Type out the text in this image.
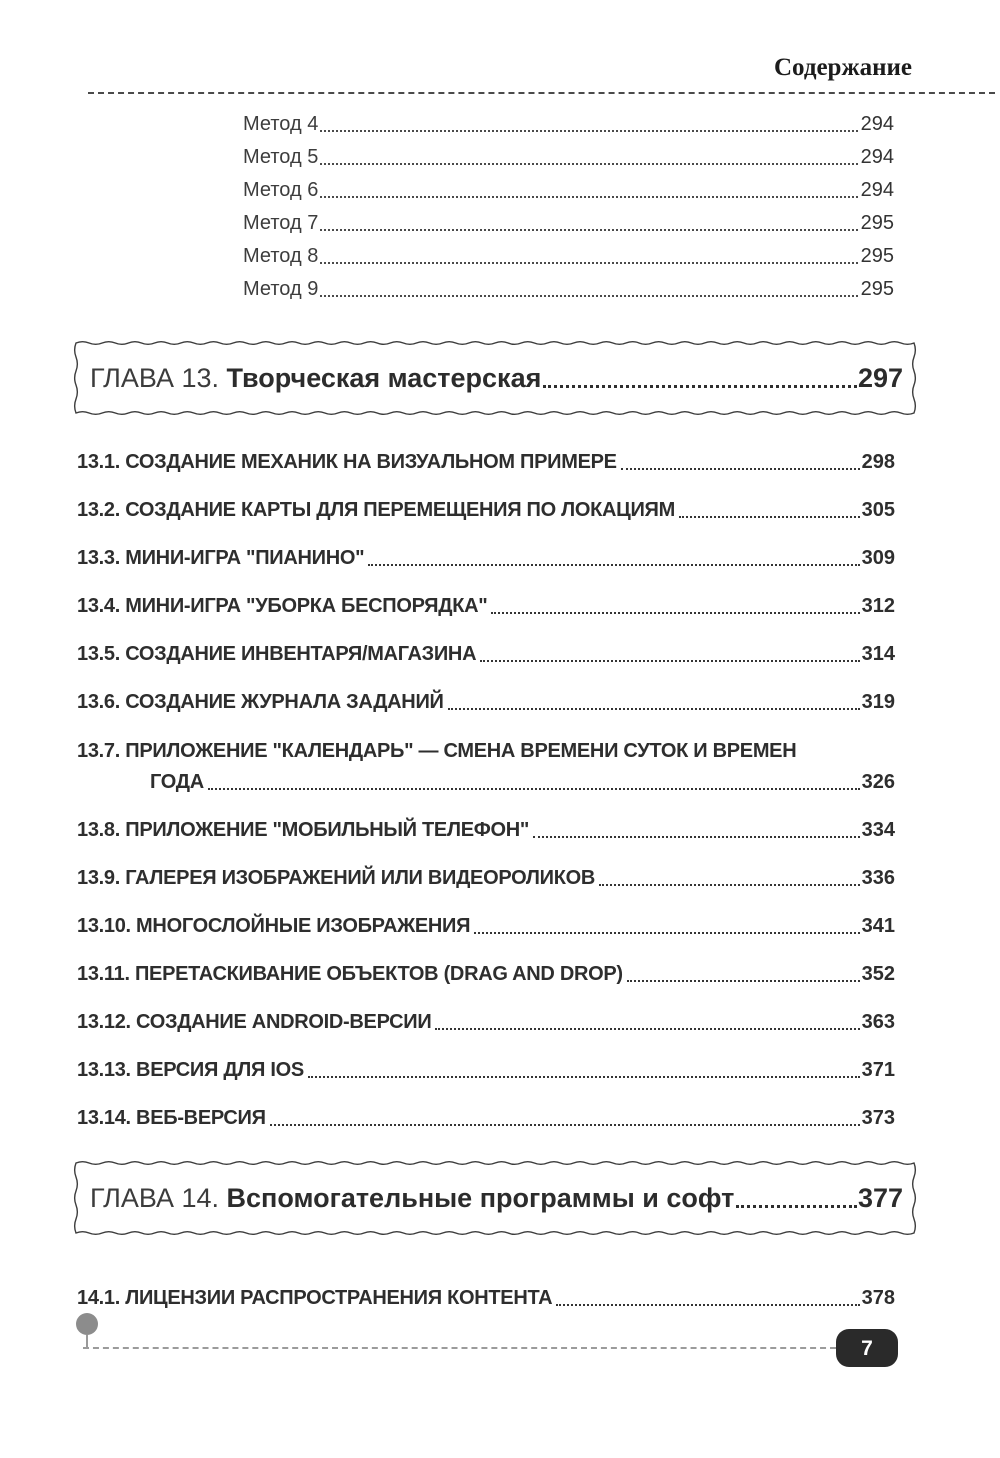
Содержание
Метод 4	294
Метод 5	294
Метод 6	294
Метод 7	295
Метод 8	295
Метод 9	295
ГЛАВА 13. Творческая мастерская	297
13.1. СОЗДАНИЕ МЕХАНИК НА ВИЗУАЛЬНОМ ПРИМЕРЕ	298
13.2. СОЗДАНИЕ КАРТЫ ДЛЯ ПЕРЕМЕЩЕНИЯ ПО ЛОКАЦИЯМ	305
13.3. МИНИ-ИГРА "ПИАНИНО"	309
13.4. МИНИ-ИГРА "УБОРКА БЕСПОРЯДКА"	312
13.5. СОЗДАНИЕ ИНВЕНТАРЯ/МАГАЗИНА	314
13.6. СОЗДАНИЕ ЖУРНАЛА ЗАДАНИЙ	319
13.7. ПРИЛОЖЕНИЕ "КАЛЕНДАРЬ" — СМЕНА ВРЕМЕНИ СУТОК И ВРЕМЕН
ГОДА	326
13.8. ПРИЛОЖЕНИЕ "МОБИЛЬНЫЙ ТЕЛЕФОН"	334
13.9. ГАЛЕРЕЯ ИЗОБРАЖЕНИЙ ИЛИ ВИДЕОРОЛИКОВ	336
13.10. МНОГОСЛОЙНЫЕ ИЗОБРАЖЕНИЯ	341
13.11. ПЕРЕТАСКИВАНИЕ ОБЪЕКТОВ (DRAG AND DROP)	352
13.12. СОЗДАНИЕ ANDROID-ВЕРСИИ	363
13.13. ВЕРСИЯ ДЛЯ IOS	371
13.14. ВЕБ-ВЕРСИЯ	373
ГЛАВА 14. Вспомогательные программы и софт	377
14.1. ЛИЦЕНЗИИ РАСПРОСТРАНЕНИЯ КОНТЕНТА	378
7
